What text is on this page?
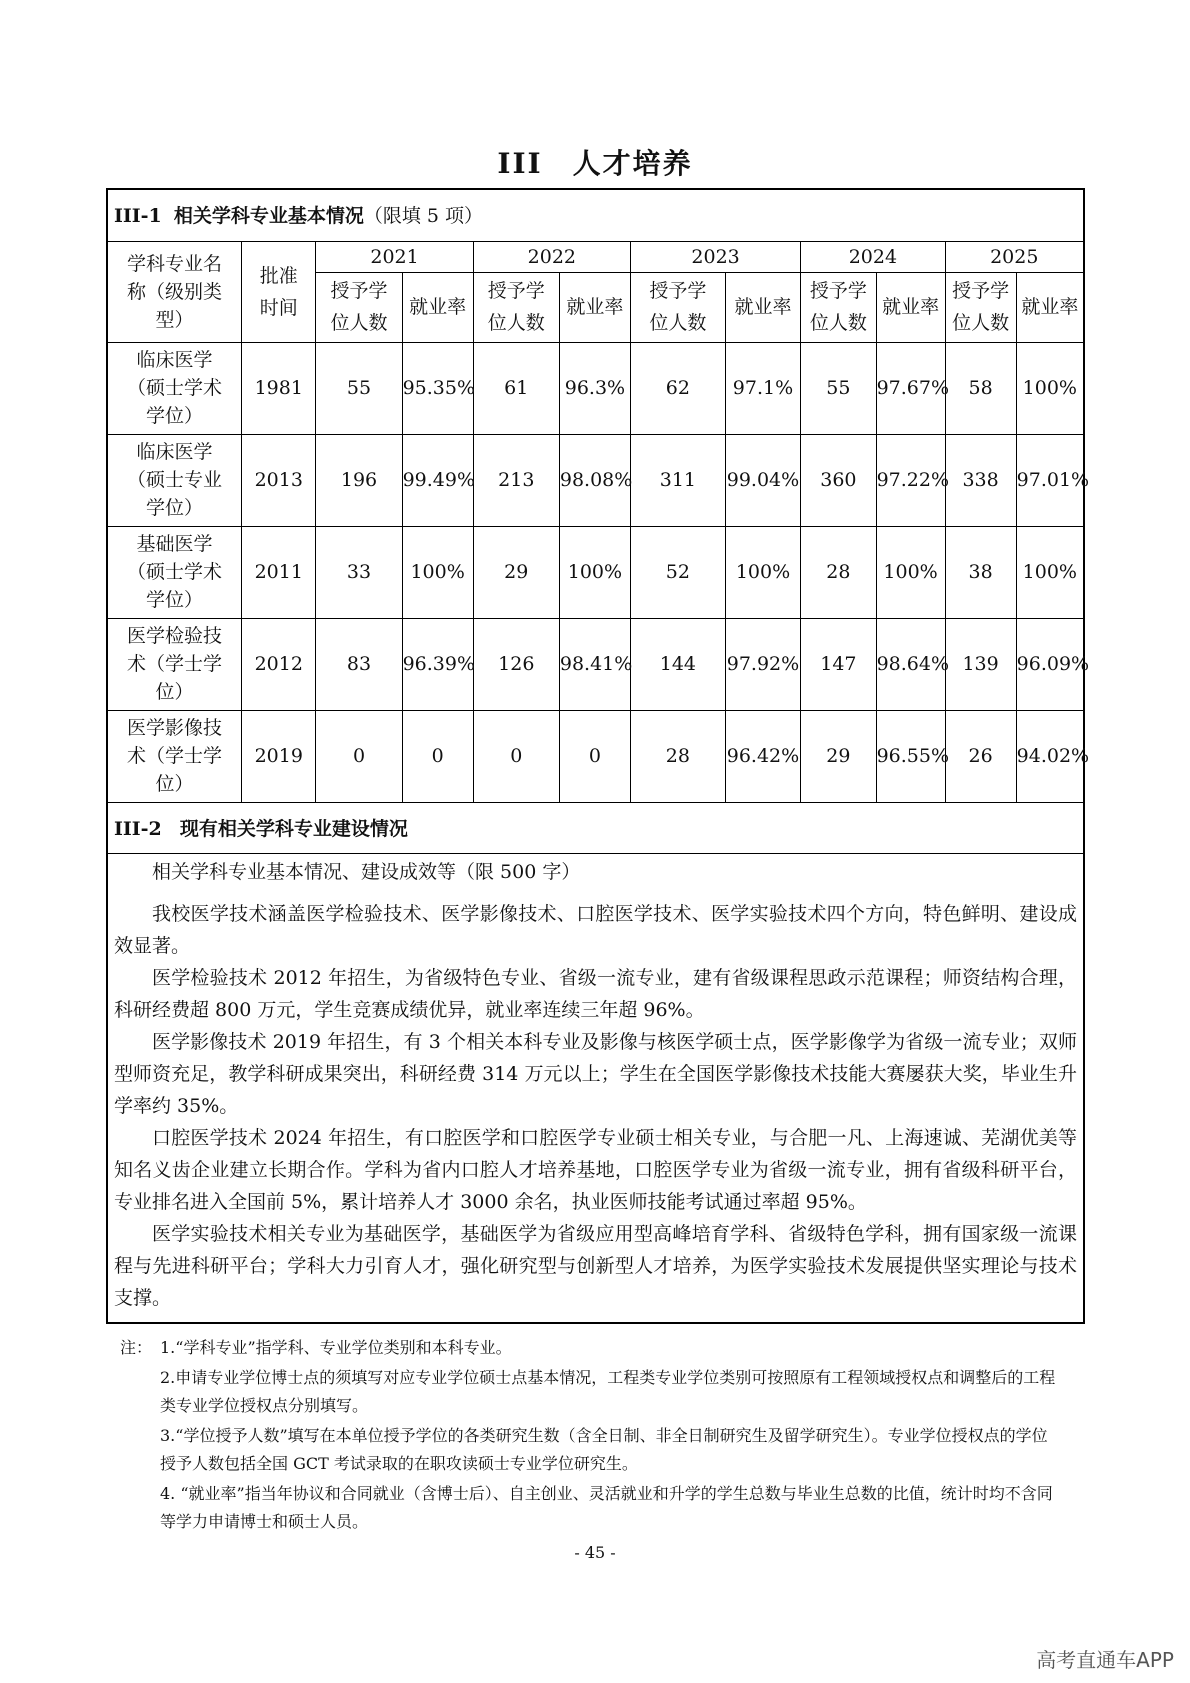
III　人才培养
III-1 相关学科专业基本情况（限填 5 项）
学科专业名称（级别类型）	批准时间	2021		2022		2023		2024		2025	
		授予学位人数	就业率	授予学位人数	就业率	授予学位人数	就业率	授予学位人数	就业率	授予学位人数	就业率
临床医学（硕士学术学位）	1981	55	95.35%	61	96.3%	62	97.1%	55	97.67%	58	100%
临床医学（硕士专业学位）	2013	196	99.49%	213	98.08%	311	99.04%	360	97.22%	338	97.01%
基础医学（硕士学术学位）	2011	33	100%	29	100%	52	100%	28	100%	38	100%
医学检验技术（学士学位）	2012	83	96.39%	126	98.41%	144	97.92%	147	98.64%	139	96.09%
医学影像技术（学士学位）	2019	0	0	0	0	28	96.42%	29	96.55%	26	94.02%
III-2 现有相关学科专业建设情况

相关学科专业基本情况、建设成效等（限 500 字）

我校医学技术涵盖医学检验技术、医学影像技术、口腔医学技术、医学实验技术四个方向，特色鲜明、建设成效显著。

医学检验技术 2012 年招生，为省级特色专业、省级一流专业，建有省级课程思政示范课程；师资结构合理，科研经费超 800 万元，学生竞赛成绩优异，就业率连续三年超 96%。

医学影像技术 2019 年招生，有 3 个相关本科专业及影像与核医学硕士点，医学影像学为省级一流专业；双师型师资充足，教学科研成果突出，科研经费 314 万元以上；学生在全国医学影像技术技能大赛屡获大奖，毕业生升学率约 35%。

口腔医学技术 2024 年招生，有口腔医学和口腔医学专业硕士相关专业，与合肥一凡、上海速诚、芜湖优美等知名义齿企业建立长期合作。学科为省内口腔人才培养基地，口腔医学专业为省级一流专业，拥有省级科研平台，专业排名进入全国前 5%，累计培养人才 3000 余名，执业医师技能考试通过率超 95%。

医学实验技术相关专业为基础医学，基础医学为省级应用型高峰培育学科、省级特色学科，拥有国家级一流课程与先进科研平台；学科大力引育人才，强化研究型与创新型人才培养，为医学实验技术发展提供坚实理论与技术支撑。

注： 1.“学科专业”指学科、专业学位类别和本科专业。
2.申请专业学位博士点的须填写对应专业学位硕士点基本情况，工程类专业学位类别可按照原有工程领域授权点和调整后的工程类专业学位授权点分别填写。
3.“学位授予人数”填写在本单位授予学位的各类研究生数（含全日制、非全日制研究生及留学研究生）。专业学位授权点的学位授予人数包括全国 GCT 考试录取的在职攻读硕士专业学位研究生。
4. “就业率”指当年协议和合同就业（含博士后）、自主创业、灵活就业和升学的学生总数与毕业生总数的比值，统计时均不含同等学力申请博士和硕士人员。
- 45 -
高考直通车APP
